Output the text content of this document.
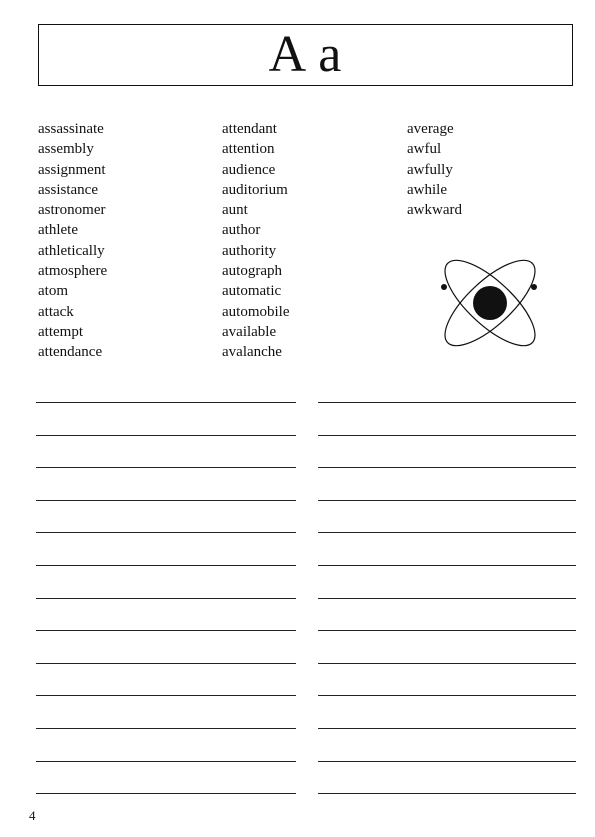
A a
assassinate
assembly
assignment
assistance
astronomer
athlete
athletically
atmosphere
atom
attack
attempt
attendance
attendant
attention
audience
auditorium
aunt
author
authority
autograph
automatic
automobile
available
avalanche
average
awful
awfully
awhile
awkward
4
